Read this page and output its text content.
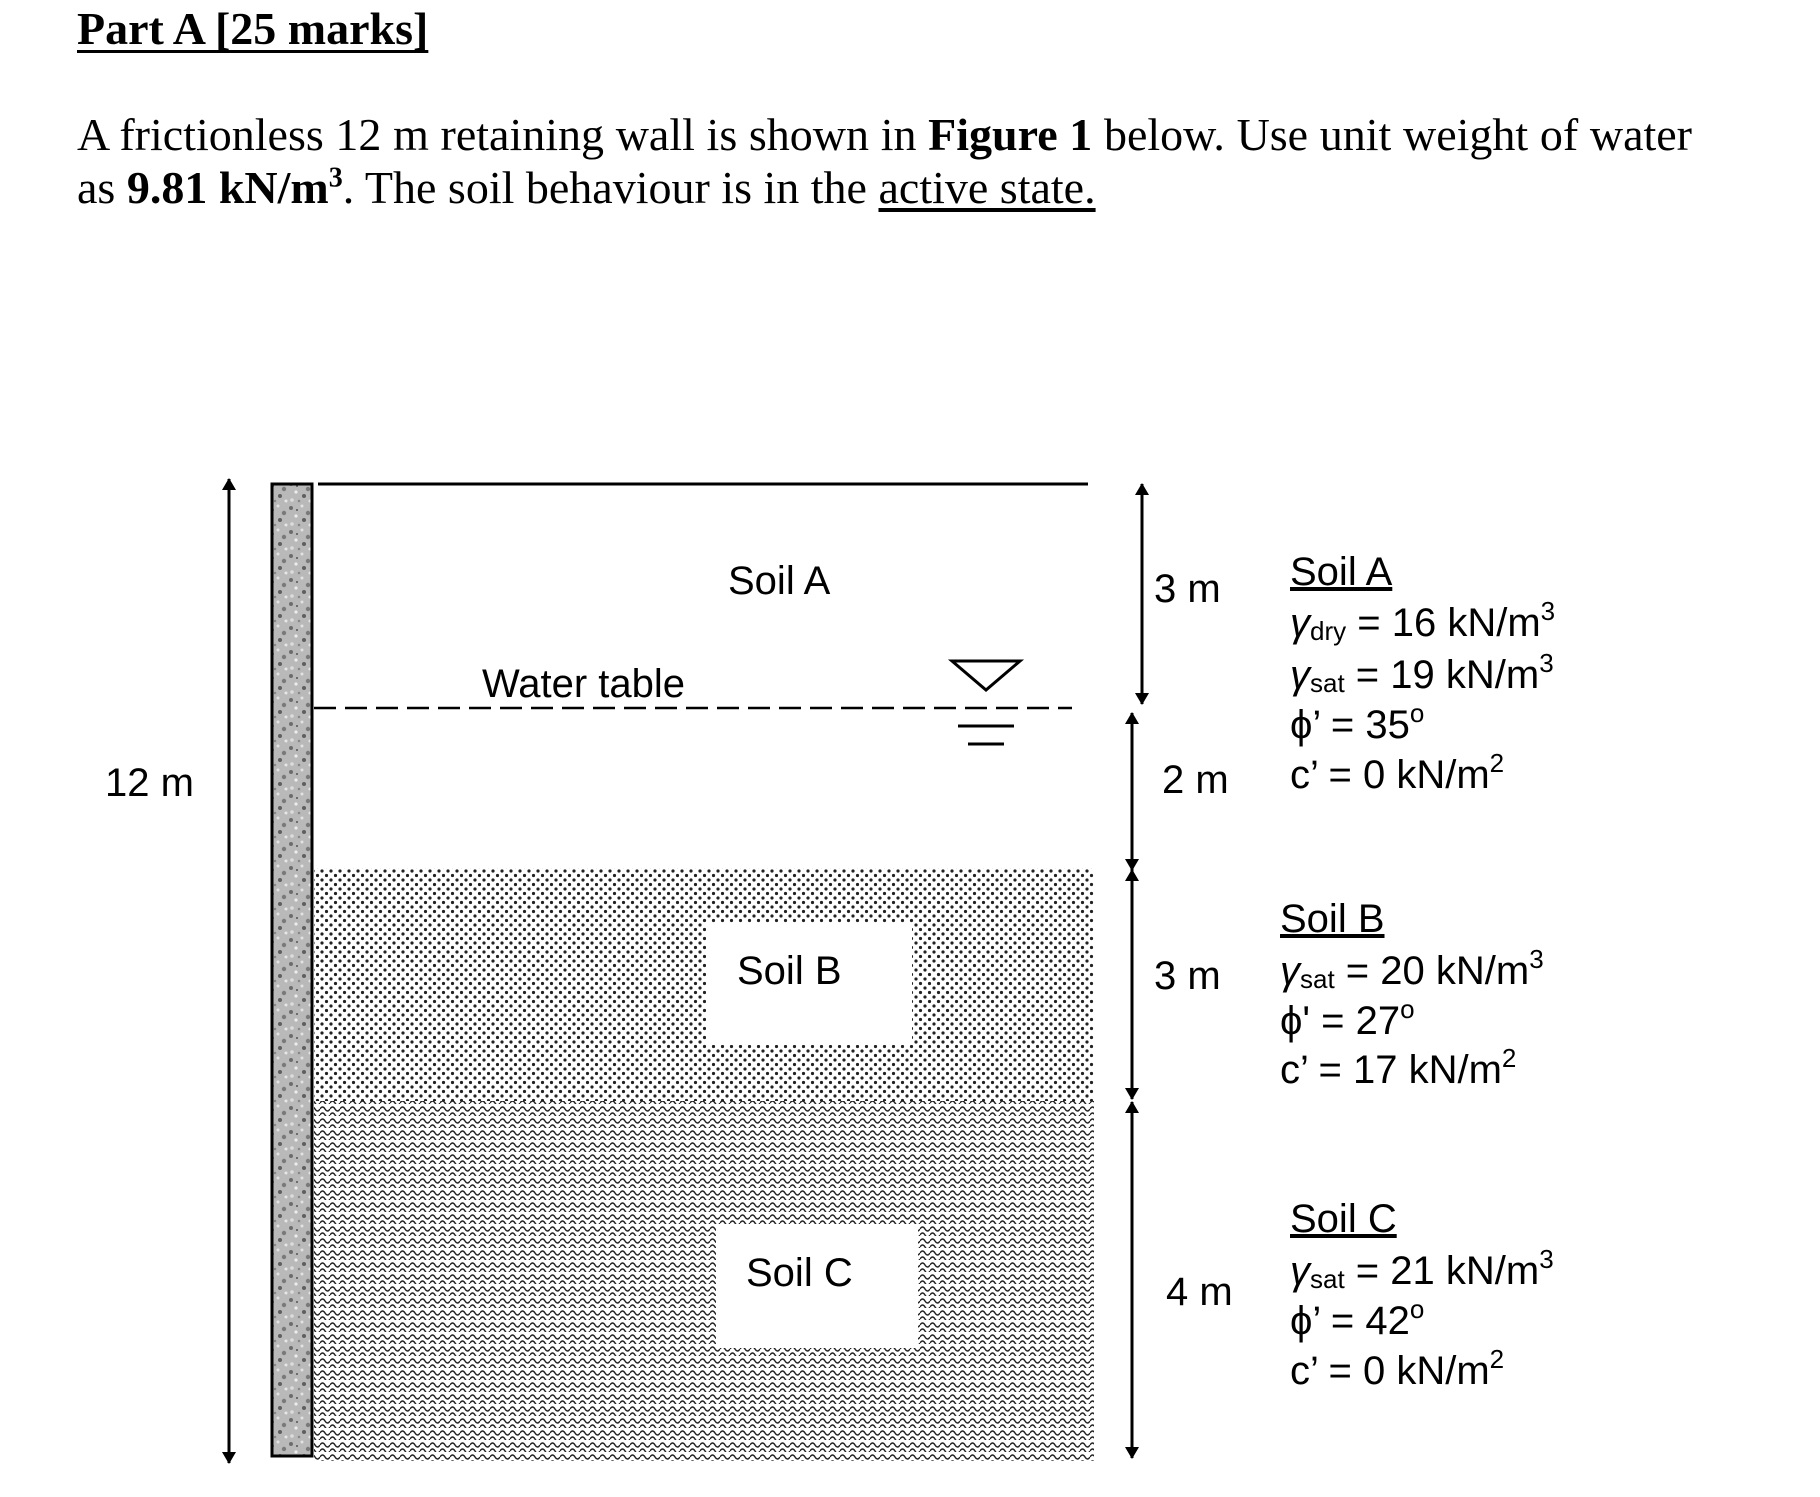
Part A [25 marks]

A frictionless 12 m retaining wall is shown in Figure 1 below. Use unit weight of water as 9.81 $kN/m^3$. The soil behaviour is in the active state.

12 m
Water table
Soil A
Soil B
Soil C
3 m
2 m
3 m
4 m
Soil A
γdry = 16 $kN/m^3$
γsat = 19 $kN/m^3$
ϕ’ = $35^o$
c’ = 0 $kN/m^2$
Soil B
γsat = 20 $kN/m^3$
$\phi' = 27^o$
c’ = 17 $kN/m^2$
Soil C
γsat = 21 $kN/m^3$
ϕ’ = $42^o$
c’ = 0 $kN/m^2$
